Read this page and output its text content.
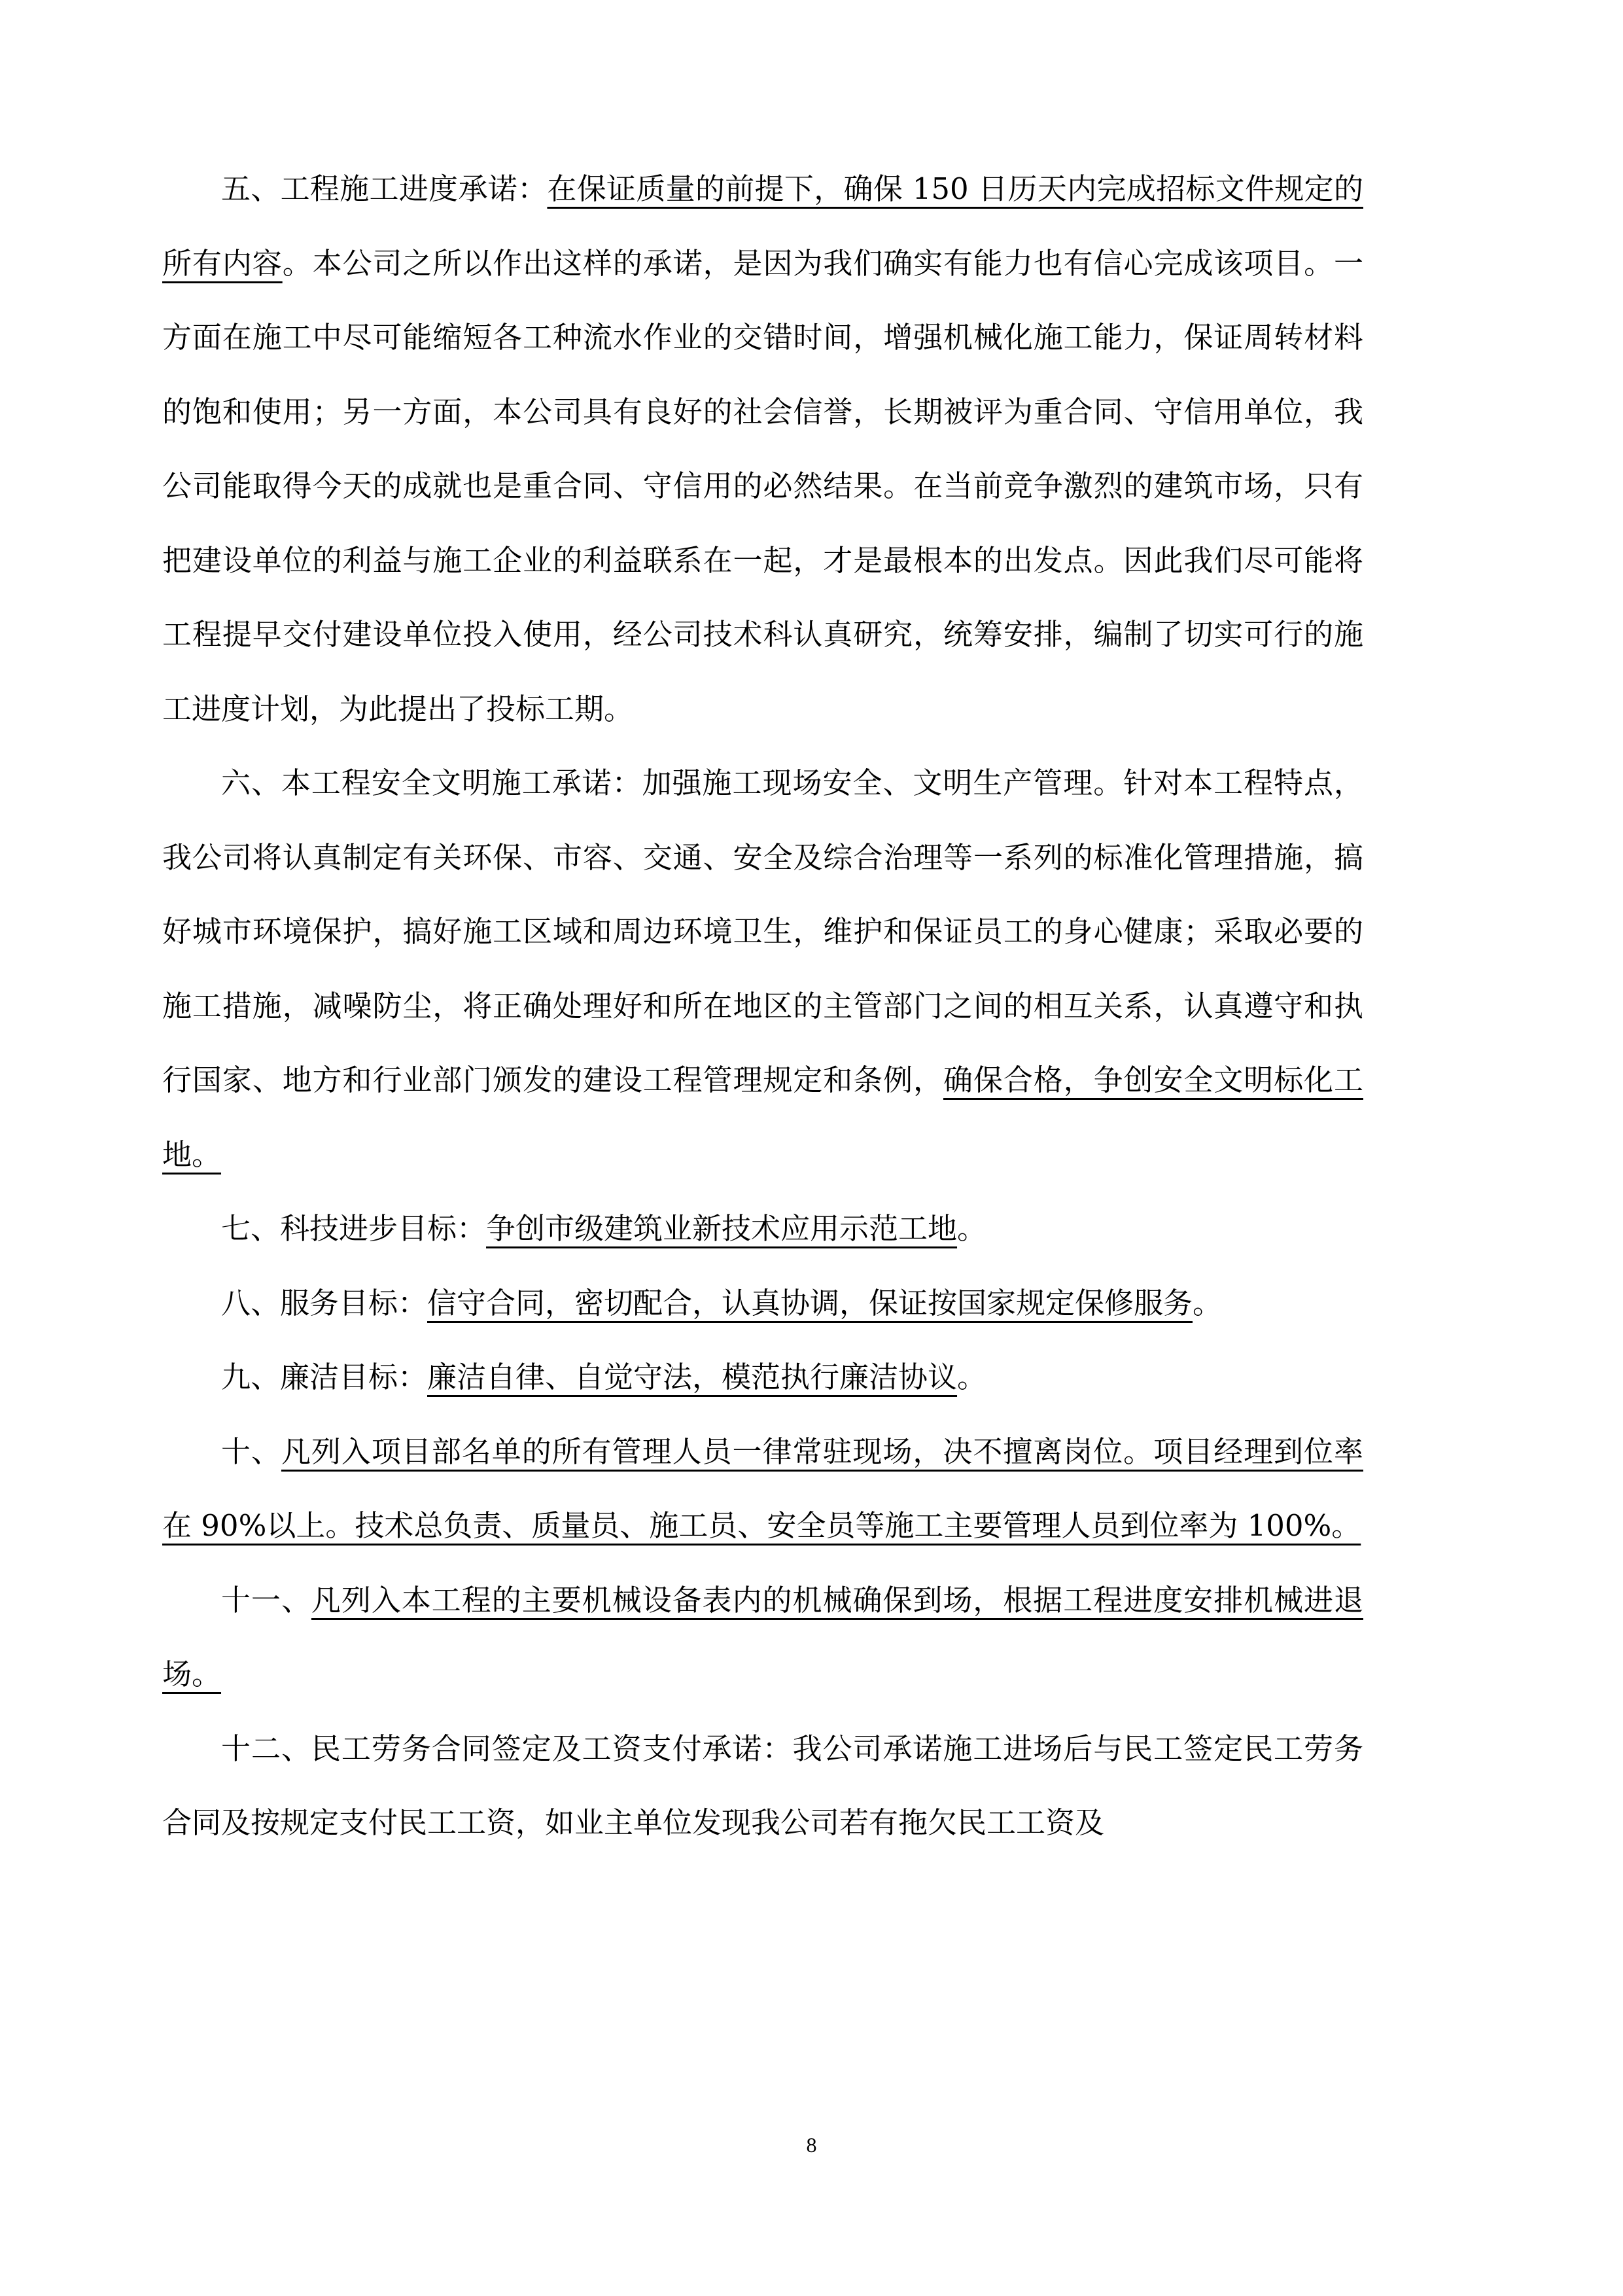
五、工程施工进度承诺：在保证质量的前提下，确保 150 日历天内完成招标文件规定的所有内容。本公司之所以作出这样的承诺，是因为我们确实有能力也有信心完成该项目。一方面在施工中尽可能缩短各工种流水作业的交错时间，增强机械化施工能力，保证周转材料的饱和使用；另一方面，本公司具有良好的社会信誉，长期被评为重合同、守信用单位，我公司能取得今天的成就也是重合同、守信用的必然结果。在当前竞争激烈的建筑市场，只有把建设单位的利益与施工企业的利益联系在一起，才是最根本的出发点。因此我们尽可能将工程提早交付建设单位投入使用，经公司技术科认真研究，统筹安排，编制了切实可行的施工进度计划，为此提出了投标工期。

六、本工程安全文明施工承诺：加强施工现场安全、文明生产管理。针对本工程特点，我公司将认真制定有关环保、市容、交通、安全及综合治理等一系列的标准化管理措施，搞好城市环境保护，搞好施工区域和周边环境卫生，维护和保证员工的身心健康；采取必要的施工措施，减噪防尘，将正确处理好和所在地区的主管部门之间的相互关系，认真遵守和执行国家、地方和行业部门颁发的建设工程管理规定和条例，确保合格，争创安全文明标化工地。

七、科技进步目标：争创市级建筑业新技术应用示范工地。

八、服务目标：信守合同，密切配合，认真协调，保证按国家规定保修服务。

九、廉洁目标：廉洁自律、自觉守法，模范执行廉洁协议。

十、凡列入项目部名单的所有管理人员一律常驻现场，决不擅离岗位。项目经理到位率在 90%以上。技术总负责、质量员、施工员、安全员等施工主要管理人员到位率为 100%。

十一、凡列入本工程的主要机械设备表内的机械确保到场，根据工程进度安排机械进退场。

十二、民工劳务合同签定及工资支付承诺：我公司承诺施工进场后与民工签定民工劳务合同及按规定支付民工工资，如业主单位发现我公司若有拖欠民工工资及

8
